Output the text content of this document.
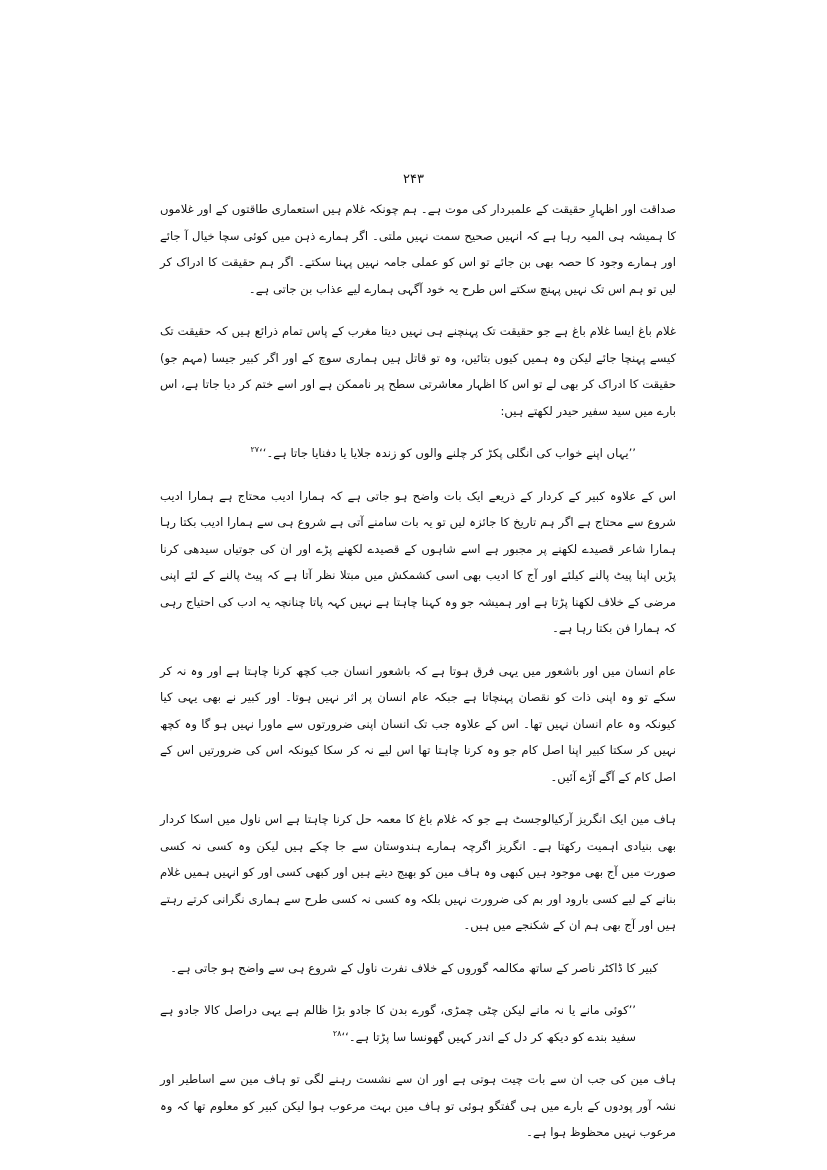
۲۴۳

صداقت اور اظہارِ حقیقت کے علمبردار کی موت ہے۔ ہم چونکہ غلام ہیں استعماری طاقتوں کے اور غلاموں کا ہمیشہ ہی المیہ رہا ہے کہ انہیں صحیح سمت نہیں ملتی۔ اگر ہمارے ذہن میں کوئی سچا خیال آ جائے اور ہمارے وجود کا حصہ بھی بن جائے تو اس کو عملی جامہ نہیں پہنا سکتے۔ اگر ہم حقیقت کا ادراک کر لیں تو ہم اس تک نہیں پہنچ سکتے اس طرح یہ خود آگہی ہمارے لیے عذاب بن جاتی ہے۔

غلام باغ ایسا غلام باغ ہے جو حقیقت تک پہنچنے ہی نہیں دیتا مغرب کے پاس تمام ذرائع ہیں کہ حقیقت تک کیسے پہنچا جائے لیکن وہ ہمیں کیوں بتائیں، وہ تو قاتل ہیں ہماری سوچ کے اور اگر کبیر جیسا (مہم جو) حقیقت کا ادراک کر بھی لے تو اس کا اظہار معاشرتی سطح پر ناممکن ہے اور اسے ختم کر دیا جاتا ہے، اس بارے میں سید سفیر حیدر لکھتے ہیں:

’’یہاں اپنے خواب کی انگلی پکڑ کر چلنے والوں کو زندہ جلایا یا دفنایا جاتا ہے۔‘‘$^{۲۷}$

اس کے علاوہ کبیر کے کردار کے ذریعے ایک بات واضح ہو جاتی ہے کہ ہمارا ادیب محتاج ہے ہمارا ادیب شروع سے محتاج ہے اگر ہم تاریخ کا جائزہ لیں تو یہ بات سامنے آتی ہے شروع ہی سے ہمارا ادیب بکتا رہا ہمارا شاعر قصیدے لکھنے پر مجبور ہے اسے شاہوں کے قصیدے لکھنے پڑے اور ان کی جوتیاں سیدھی کرنا پڑیں اپنا پیٹ پالنے کیلئے اور آج کا ادیب بھی اسی کشمکش میں مبتلا نظر آتا ہے کہ پیٹ پالنے کے لئے اپنی مرضی کے خلاف لکھنا پڑتا ہے اور ہمیشہ جو وہ کہنا چاہتا ہے نہیں کہہ پاتا چنانچہ یہ ادب کی احتیاج رہی کہ ہمارا فن بکتا رہا ہے۔

عام انسان میں اور باشعور میں یہی فرق ہوتا ہے کہ باشعور انسان جب کچھ کرنا چاہتا ہے اور وہ نہ کر سکے تو وہ اپنی ذات کو نقصان پہنچاتا ہے جبکہ عام انسان پر اثر نہیں ہوتا۔ اور کبیر نے بھی یہی کیا کیونکہ وہ عام انسان نہیں تھا۔ اس کے علاوہ جب تک انسان اپنی ضرورتوں سے ماورا نہیں ہو گا وہ کچھ نہیں کر سکتا کبیر اپنا اصل کام جو وہ کرنا چاہتا تھا اس لیے نہ کر سکا کیونکہ اس کی ضرورتیں اس کے اصل کام کے آگے آڑے آئیں۔

ہاف مین ایک انگریز آرکیالوجسٹ ہے جو کہ غلام باغ کا معمہ حل کرنا چاہتا ہے اس ناول میں اسکا کردار بھی بنیادی اہمیت رکھتا ہے۔ انگریز اگرچہ ہمارے ہندوستان سے جا چکے ہیں لیکن وہ کسی نہ کسی صورت میں آج بھی موجود ہیں کبھی وہ ہاف مین کو بھیج دیتے ہیں اور کبھی کسی اور کو انہیں ہمیں غلام بنانے کے لیے کسی بارود اور بم کی ضرورت نہیں بلکہ وہ کسی نہ کسی طرح سے ہماری نگرانی کرتے رہتے ہیں اور آج بھی ہم ان کے شکنجے میں ہیں۔

کبیر کا ڈاکٹر ناصر کے ساتھ مکالمہ گوروں کے خلاف نفرت ناول کے شروع ہی سے واضح ہو جاتی ہے۔

’’کوئی مانے یا نہ مانے لیکن چٹی چمڑی، گورے بدن کا جادو بڑا ظالم ہے یہی دراصل کالا جادو ہے سفید بندے کو دیکھ کر دل کے اندر کہیں گھونسا سا پڑتا ہے۔‘‘$^{۲۸}$

ہاف مین کی جب ان سے بات چیت ہوتی ہے اور ان سے نشست رہنے لگی تو ہاف مین سے اساطیر اور نشہ آور پودوں کے بارے میں ہی گفتگو ہوئی تو ہاف مین بہت مرعوب ہوا لیکن کبیر کو معلوم تھا کہ وہ مرعوب نہیں محظوظ ہوا ہے۔
